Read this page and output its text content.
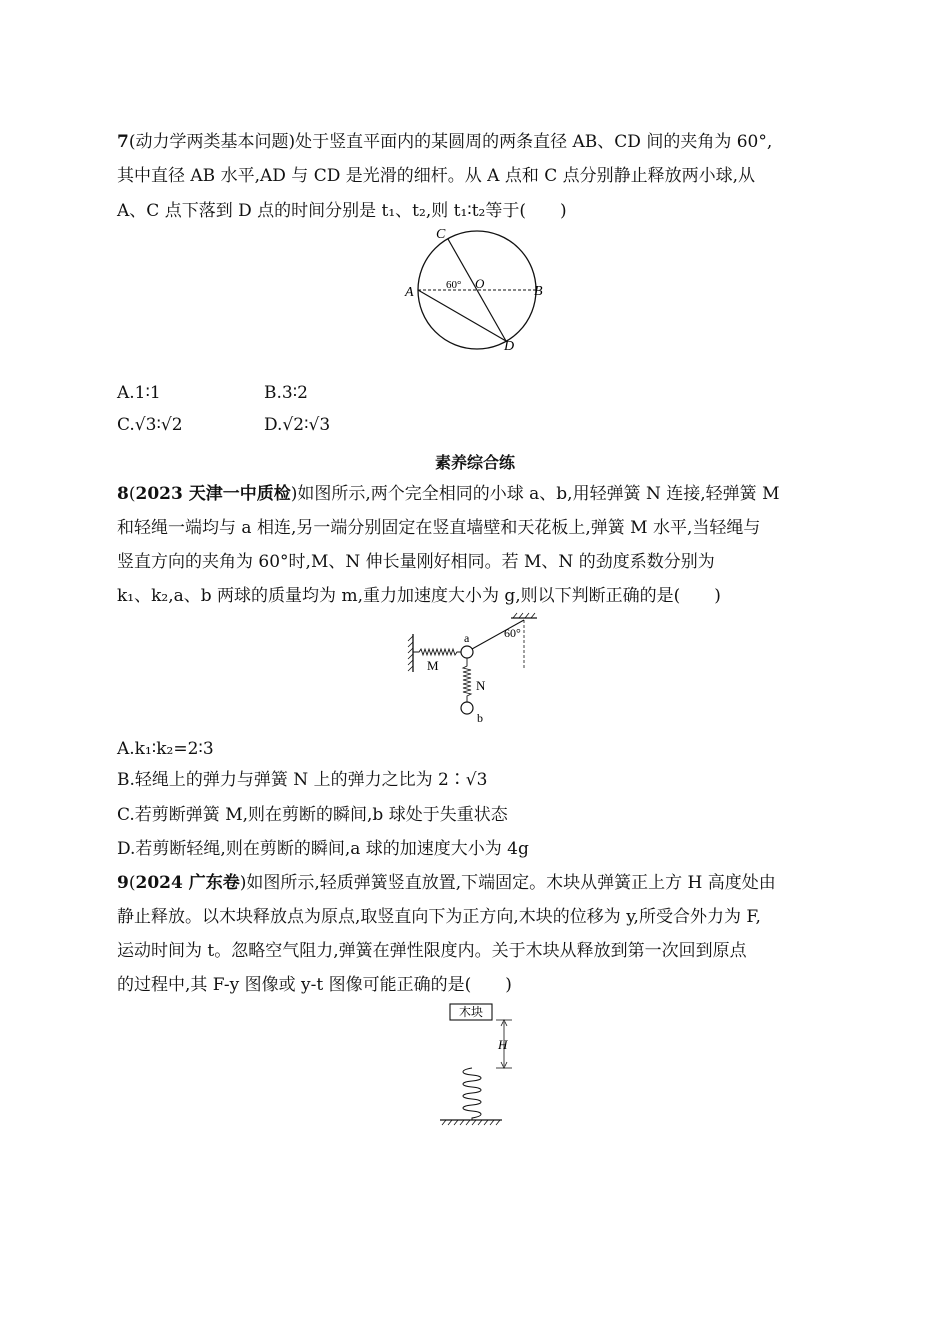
7(动力学两类基本问题)处于竖直平面内的某圆周的两条直径 AB、CD 间的夹角为 60°,
其中直径 AB 水平,AD 与 CD 是光滑的细杆。从 A 点和 C 点分别静止释放两小球,从
A、C 点下落到 D 点的时间分别是 t₁、t₂,则 t₁∶t₂等于(　　)
C
A	B
D
O
60°
A.1∶1	B.3∶2
C.√3∶√2	D.√2∶√3
素养综合练
8(2023 天津一中质检)如图所示,两个完全相同的小球 a、b,用轻弹簧 N 连接,轻弹簧 M
和轻绳一端均与 a 相连,另一端分别固定在竖直墙壁和天花板上,弹簧 M 水平,当轻绳与
竖直方向的夹角为 60°时,M、N 伸长量刚好相同。若 M、N 的劲度系数分别为
k₁、k₂,a、b 两球的质量均为 m,重力加速度大小为 g,则以下判断正确的是(　　)
M
a	60°
N
b
A.k₁∶k₂=2∶3
B.轻绳上的弹力与弹簧 N 上的弹力之比为 2∶√3
C.若剪断弹簧 M,则在剪断的瞬间,b 球处于失重状态
D.若剪断轻绳,则在剪断的瞬间,a 球的加速度大小为 4g
9(2024 广东卷)如图所示,轻质弹簧竖直放置,下端固定。木块从弹簧正上方 H 高度处由
静止释放。以木块释放点为原点,取竖直向下为正方向,木块的位移为 y,所受合外力为 F,
运动时间为 t。忽略空气阻力,弹簧在弹性限度内。关于木块从释放到第一次回到原点
的过程中,其 F-y 图像或 y-t 图像可能正确的是(　　)
木块
H
